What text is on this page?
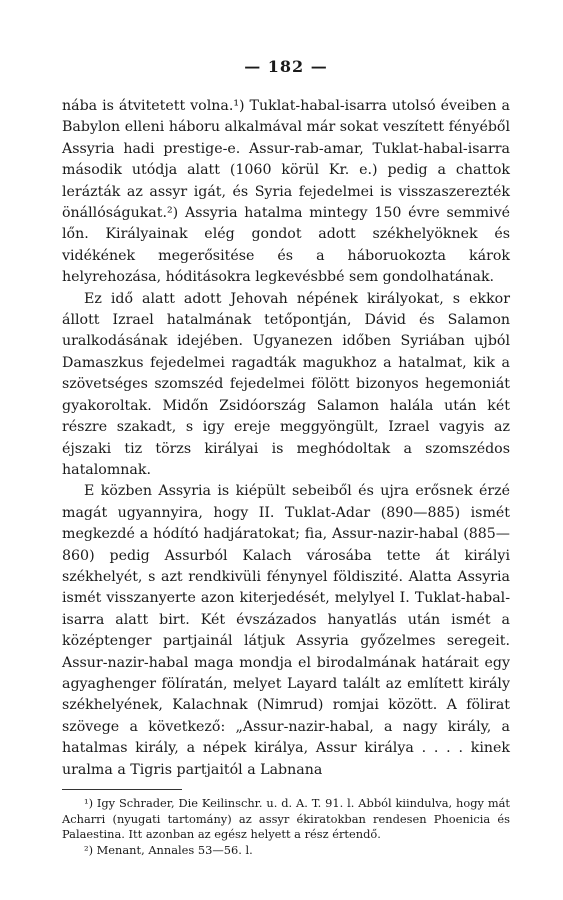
— 182 —

nába is átvitetett volna.¹) Tuklat-habal-isarra utolsó éveiben a Babylon elleni háboru alkalmával már sokat veszített fényéből Assyria hadi prestige-e. Assur-rab-amar, Tuklat-habal-isarra második utódja alatt (1060 körül Kr. e.) pedig a chattok lerázták az assyr igát, és Syria fejedelmei is visszaszerezték önállóságukat.²) Assyria hatalma mintegy 150 évre semmivé lőn. Királyainak elég gondot adott székhelyöknek és vidékének megerősitése és a háboruokozta károk helyrehozása, hóditásokra legkevésbbé sem gondolhatának.

Ez idő alatt adott Jehovah népének királyokat, s ekkor állott Izrael hatalmának tetőpontján, Dávid és Salamon uralkodásának idejében. Ugyanezen időben Syriában ujból Damaszkus fejedelmei ragadták magukhoz a hatalmat, kik a szövetséges szomszéd fejedelmei fölött bizonyos hegemoniát gyakoroltak. Midőn Zsidóország Salamon halála után két részre szakadt, s igy ereje meggyöngült, Izrael vagyis az éjszaki tiz törzs királyai is meghódoltak a szomszédos hatalomnak.

E közben Assyria is kiépült sebeiből és ujra erősnek érzé magát ugyannyira, hogy II. Tuklat-Adar (890—885) ismét megkezdé a hódító hadjáratokat; fia, Assur-nazir-habal (885—860) pedig Assurból Kalach városába tette át királyi székhelyét, s azt rendkivüli fénynyel földiszité. Alatta Assyria ismét visszanyerte azon kiterjedését, melylyel I. Tuklat-habal-isarra alatt birt. Két évszázados hanyatlás után ismét a középtenger partjainál látjuk Assyria győzelmes seregeit. Assur-nazir-habal maga mondja el birodalmának határait egy agyaghenger fölíratán, melyet Layard talált az említett király székhelyének, Kalachnak (Nimrud) romjai között. A fölirat szövege a következő: „Assur-nazir-habal, a nagy király, a hatalmas király, a népek királya, Assur királya . . . . kinek uralma a Tigris partjaitól a Labnana

¹) Igy Schrader, Die Keilinschr. u. d. A. T. 91. l. Abból kiindulva, hogy mát Acharri (nyugati tartomány) az assyr ékiratokban rendesen Phoenicia és Palaestina. Itt azonban az egész helyett a rész értendő.

²) Menant, Annales 53—56. l.
